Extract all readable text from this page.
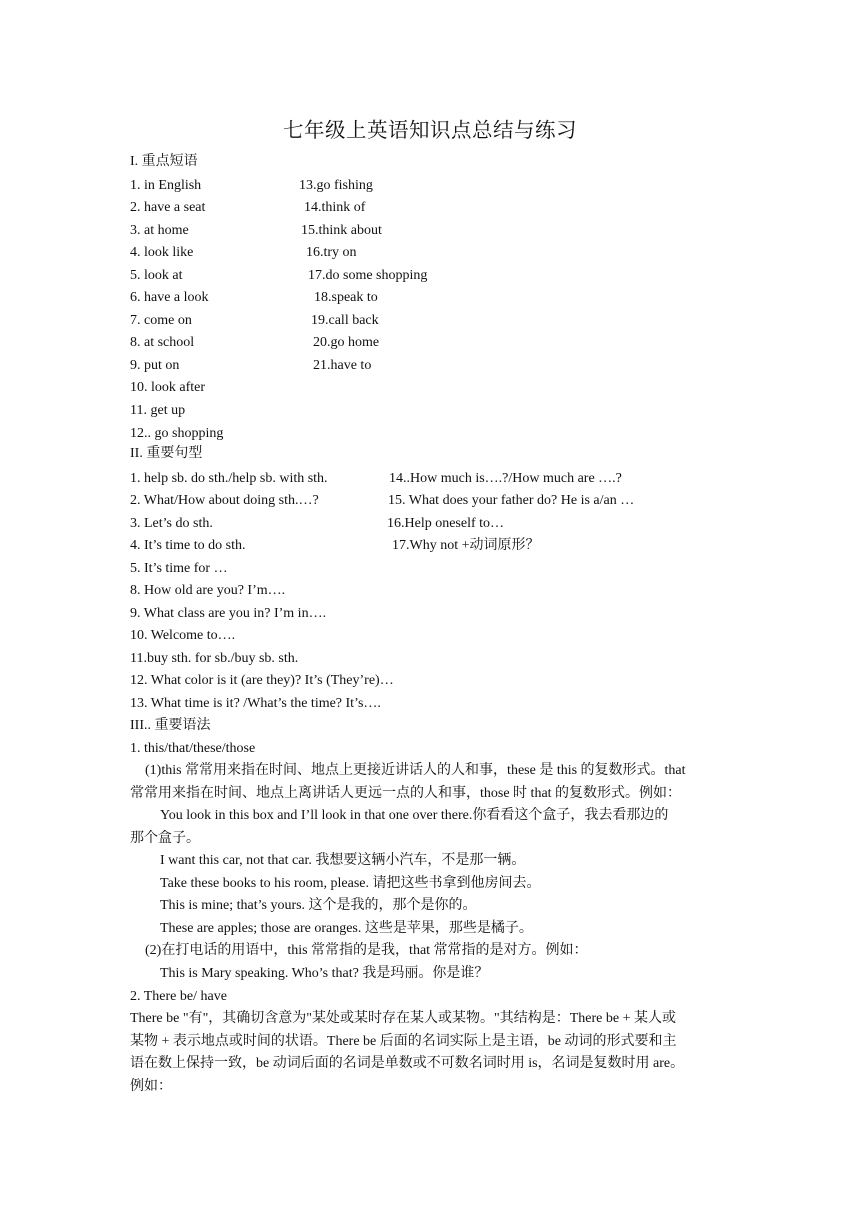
七年级上英语知识点总结与练习
I. 重点短语
1. in English
2. have a seat
3. at home
4. look like
5. look at
6. have a look
7. come on
8. at school
9. put on
10. look after
11. get up
12.. go shopping
13.go fishing
14.think of
15.think about
16.try on
17.do some shopping
18.speak to
19.call back
20.go home
21.have to
II. 重要句型
1. help sb. do sth./help sb. with sth.
2. What/How about doing sth.…?
3. Let’s do sth.
4. It’s time to do sth.
5. It’s time for …
8. How old are you? I’m….
9. What class are you in? I’m in….
10. Welcome to….
11.buy sth. for sb./buy sb. sth.
12. What color is it (are they)? It’s (They’re)…
13. What time is it? /What’s the time? It’s….
14..How much is….?/How much are ….?
15. What does your father do? He is a/an …
16.Help oneself to…
17.Why not +动词原形？
III.. 重要语法
1. this/that/these/those
(1)this 常常用来指在时间、地点上更接近讲话人的人和事，these 是 this 的复数形式。that
常常用来指在时间、地点上离讲话人更远一点的人和事，those 时 that 的复数形式。例如：
You look in this box and I’ll look in that one over there.你看看这个盒子，我去看那边的
那个盒子。
I want this car, not that car. 我想要这辆小汽车，不是那一辆。
Take these books to his room, please. 请把这些书拿到他房间去。
This is mine; that’s yours. 这个是我的，那个是你的。
These are apples; those are oranges. 这些是苹果，那些是橘子。
(2)在打电话的用语中，this 常常指的是我，that 常常指的是对方。例如：
This is Mary speaking. Who’s that? 我是玛丽。你是谁？
2. There be/ have
There be "有"，其确切含意为"某处或某时存在某人或某物。"其结构是：There be + 某人或
某物 + 表示地点或时间的状语。There be 后面的名词实际上是主语，be 动词的形式要和主
语在数上保持一致，be 动词后面的名词是单数或不可数名词时用 is，名词是复数时用 are。
例如：
